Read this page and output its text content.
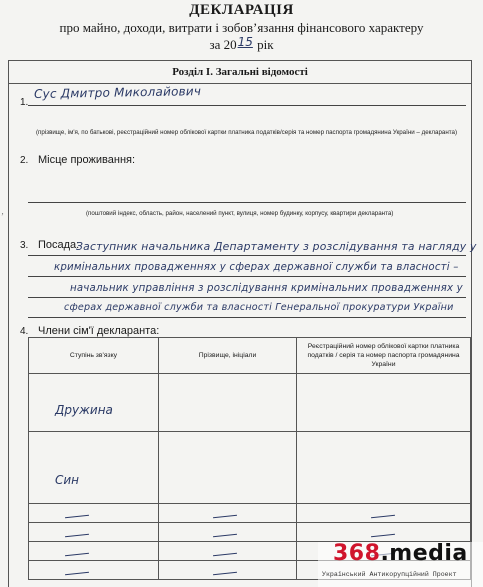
ДЕКЛАРАЦІЯ
про майно, доходи, витрати і зобов’язання фінансового характеру
за 2015 рік
Розділ І. Загальні відомості
1.
Сус Дмитро Миколайович
(прізвище, ім'я, по батькові, реєстраційний номер облікової картки платника податків/серія та номер паспорта громадянина України – декларанта)
2. Місце проживання:
(поштовий індекс, область, район, населений пункт, вулиця, номер будинку, корпусу, квартири декларанта)
‚
3. Посада:
Заступник начальника Департаменту з розслідування та нагляду у
кримінальних провадженнях у сферах державної служби та власності –
начальник управління з розслідування кримінальних провадженнях у
сферах державної служби та власності Генеральної прокуратури України
4. Члени сім'ї декларанта:
Ступінь зв'язку	Прізвище, ініціали	Реєстраційний номер облікової картки платника податків / серія та номер паспорта громадянина України
Дружина		
Син		

368.media
Український Антикорупційний Проект
